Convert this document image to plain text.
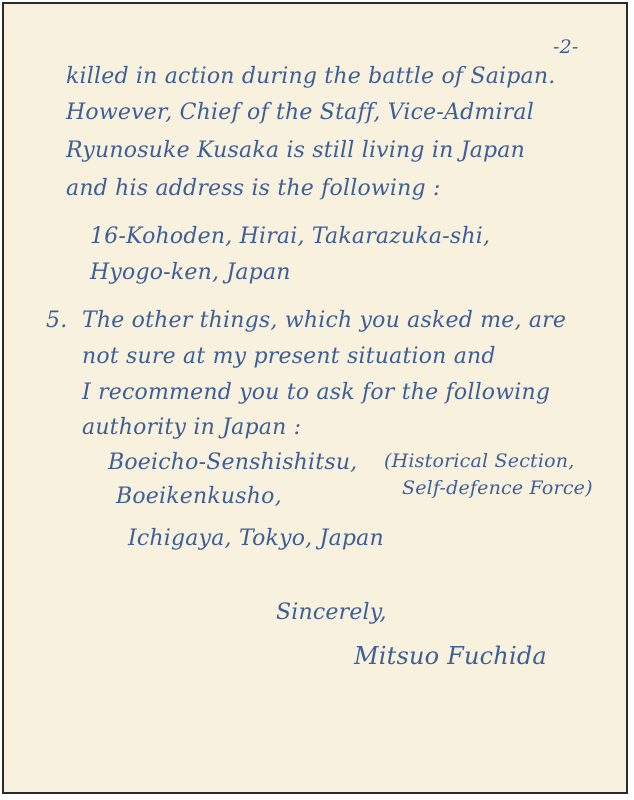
-2-
killed in action during the battle of Saipan.
However, Chief of the Staff, Vice-Admiral
Ryunosuke Kusaka is still living in Japan
and his address is the following :
16-Kohoden, Hirai, Takarazuka-shi,
Hyogo-ken, Japan
5. The other things, which you asked me, are
not sure at my present situation and
I recommend you to ask for the following
authority in Japan :
Boeicho-Senshishitsu, (Historical Section,
Boeikenkusho,	Self-defence Force)
Ichigaya, Tokyo, Japan
Sincerely,
Mitsuo Fuchida
